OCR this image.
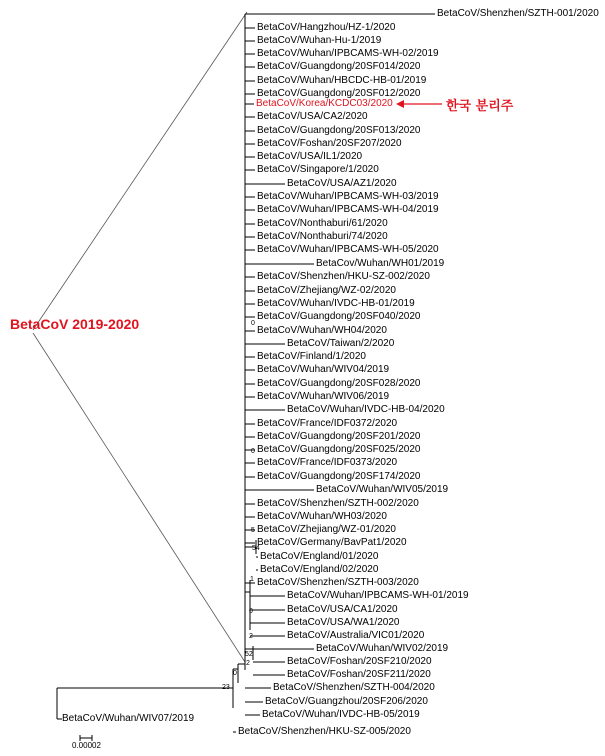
BetaCoV/Shenzhen/SZTH-001/2020
BetaCoV/Hangzhou/HZ-1/2020
BetaCoV/Wuhan-Hu-1/2019
BetaCoV/Wuhan/IPBCAMS-WH-02/2019
BetaCoV/Guangdong/20SF014/2020
BetaCoV/Wuhan/HBCDC-HB-01/2019
BetaCoV/Guangdong/20SF012/2020
BetaCoV/Korea/KCDC03/2020
BetaCoV/USA/CA2/2020
BetaCoV/Guangdong/20SF013/2020
BetaCoV/Foshan/20SF207/2020
BetaCoV/USA/IL1/2020
BetaCoV/Singapore/1/2020
BetaCoV/USA/AZ1/2020
BetaCoV/Wuhan/IPBCAMS-WH-03/2019
BetaCoV/Wuhan/IPBCAMS-WH-04/2019
BetaCoV/Nonthaburi/61/2020
BetaCoV/Nonthaburi/74/2020
BetaCoV/Wuhan/IPBCAMS-WH-05/2020
BetaCov/Wuhan/WH01/2019
BetaCoV/Shenzhen/HKU-SZ-002/2020
BetaCoV/Zhejiang/WZ-02/2020
BetaCoV/Wuhan/IVDC-HB-01/2019
BetaCoV/Guangdong/20SF040/2020
BetaCoV/Wuhan/WH04/2020
BetaCoV/Taiwan/2/2020
BetaCoV/Finland/1/2020
BetaCoV/Wuhan/WIV04/2019
BetaCoV/Guangdong/20SF028/2020
BetaCoV/Wuhan/WIV06/2019
BetaCoV/Wuhan/IVDC-HB-04/2020
BetaCoV/France/IDF0372/2020
BetaCoV/Guangdong/20SF201/2020
BetaCoV/Guangdong/20SF025/2020
BetaCoV/France/IDF0373/2020
BetaCoV/Guangdong/20SF174/2020
BetaCoV/Wuhan/WIV05/2019
BetaCoV/Shenzhen/SZTH-002/2020
BetaCoV/Wuhan/WH03/2020
BetaCoV/Zhejiang/WZ-01/2020
BetaCoV/Germany/BavPat1/2020
BetaCoV/England/01/2020
BetaCoV/England/02/2020
BetaCoV/Shenzhen/SZTH-003/2020
BetaCoV/Wuhan/IPBCAMS-WH-01/2019
BetaCoV/USA/CA1/2020
BetaCoV/USA/WA1/2020
BetaCoV/Australia/VIC01/2020
BetaCoV/Wuhan/WIV02/2019
BetaCoV/Foshan/20SF210/2020
BetaCoV/Foshan/20SF211/2020
BetaCoV/Shenzhen/SZTH-004/2020
BetaCoV/Guangzhou/20SF206/2020
BetaCoV/Wuhan/IVDC-HB-05/2019
BetaCoV/Shenzhen/HKU-SZ-005/2020
BetaCoV/Wuhan/WIV07/2019
0
0
5
54
1
0
2
52
2
0
23
BetaCoV 2019-2020
한국 분리주
0.00002
